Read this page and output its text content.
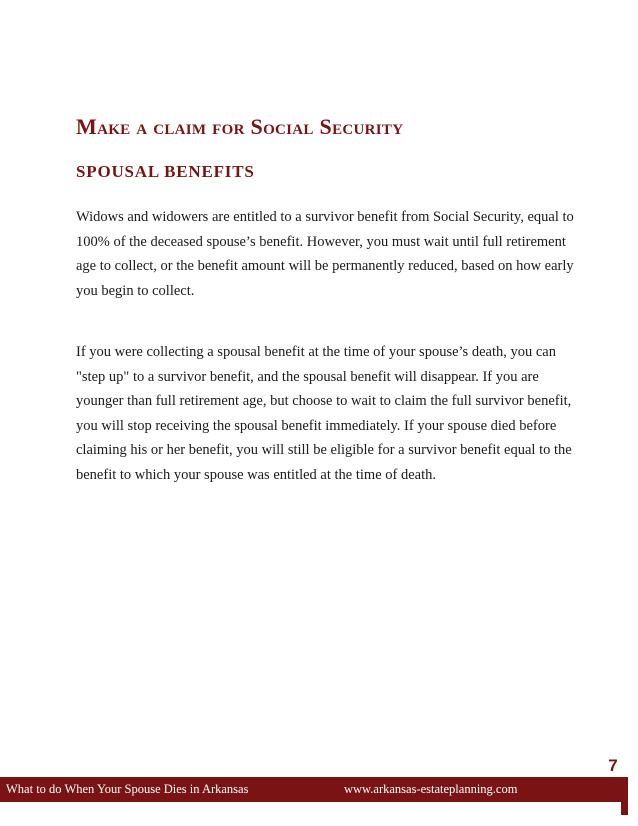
Make a claim for Social Security
SPOUSAL BENEFITS

Widows and widowers are entitled to a survivor benefit from Social Security, equal to 100% of the deceased spouse’s benefit. However, you must wait until full retirement age to collect, or the benefit amount will be permanently reduced, based on how early you begin to collect.

If you were collecting a spousal benefit at the time of your spouse’s death, you can "step up" to a survivor benefit, and the spousal benefit will disappear. If you are younger than full retirement age, but choose to wait to claim the full survivor benefit, you will stop receiving the spousal benefit immediately. If your spouse died before claiming his or her benefit, you will still be eligible for a survivor benefit equal to the benefit to which your spouse was entitled at the time of death.

7
What to do When Your Spouse Dies in Arkansas	www.arkansas-estateplanning.com
